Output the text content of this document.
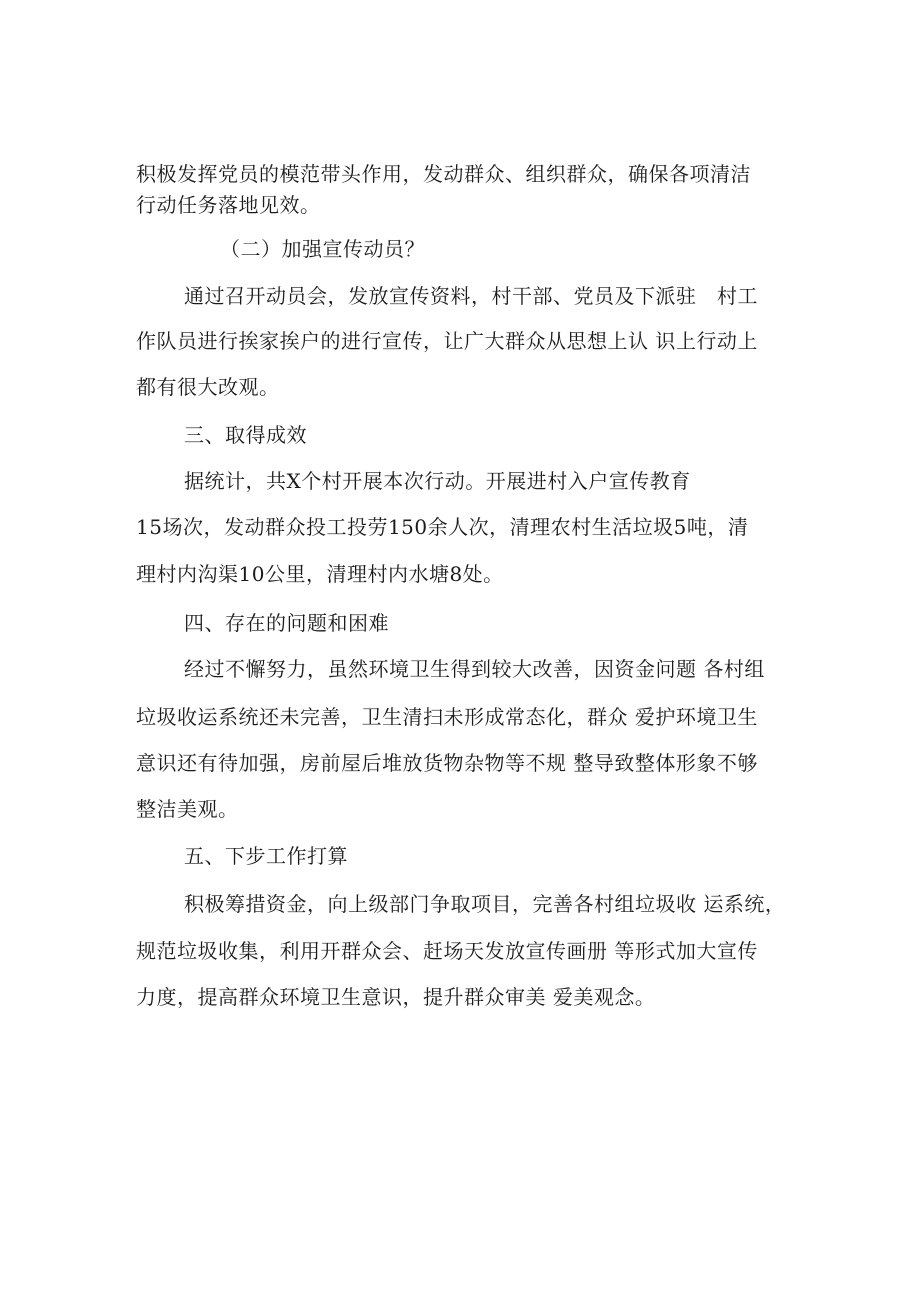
积极发挥党员的模范带头作用，发动群众、组织群众，确保各项清洁
行动任务落地见效。
（二）加强宣传动员？
通过召开动员会，发放宣传资料，村干部、党员及下派驻　村工
作队员进行挨家挨户的进行宣传，让广大群众从思想上认 识上行动上
都有很大改观。
三、取得成效
据统计，共X个村开展本次行动。开展进村入户宣传教育
15场次，发动群众投工投劳150余人次，清理农村生活垃圾5吨，清
理村内沟渠10公里，清理村内水塘8处。
四、存在的问题和困难
经过不懈努力，虽然环境卫生得到较大改善，因资金问题 各村组
垃圾收运系统还未完善，卫生清扫未形成常态化，群众 爱护环境卫生
意识还有待加强，房前屋后堆放货物杂物等不规 整导致整体形象不够
整洁美观。
五、下步工作打算
积极筹措资金，向上级部门争取项目，完善各村组垃圾收 运系统，
规范垃圾收集，利用开群众会、赶场天发放宣传画册 等形式加大宣传
力度，提高群众环境卫生意识，提升群众审美 爱美观念。
